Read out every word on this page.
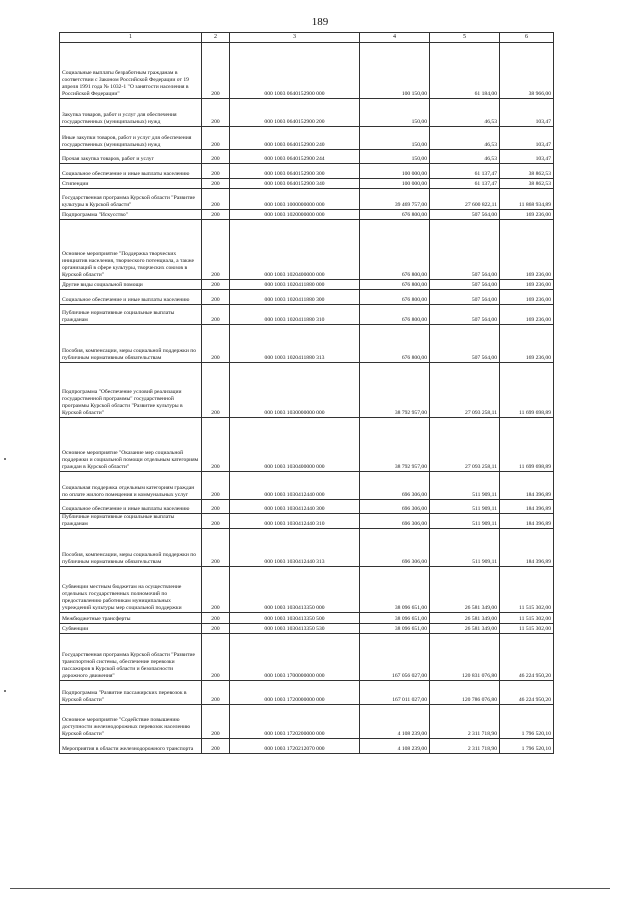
189
1	2	3	4	5	6
Социальные выплаты безработным гражданам в соответствии с Законом Российской Федерации от 19 апреля 1991 года № 1032-1 "О занятости населения в Российской Федерации"	200	000 1003 0640152900 000	100 150,00	61 184,00	38 966,00
Закупка товаров, работ и услуг для обеспечения государственных (муниципальных) нужд	200	000 1003 0640152900 200	150,00	46,53	103,47
Иные закупки товаров, работ и услуг для обеспечения государственных (муниципальных) нужд	200	000 1003 0640152900 240	150,00	46,53	103,47
Прочая закупка товаров, работ и услуг	200	000 1003 0640152900 244	150,00	46,53	103,47
Социальное обеспечение и иные выплаты населению	200	000 1003 0640152900 300	100 000,00	61 137,47	38 862,53
Стипендии	200	000 1003 0640152900 340	100 000,00	61 137,47	38 862,53
Государственная программа Курской области "Развитие культуры в Курской области"	200	000 1003 1000000000 000	39 469 757,00	27 600 822,11	11 868 934,89
Подпрограмма "Искусство"	200	000 1003 1020000000 000	676 800,00	507 564,00	169 236,00
Основное мероприятие "Поддержка творческих инициатив населения, творческого потенциала, а также организаций в сфере культуры, творческих союзов в Курской области"	200	000 1003 1020400000 000	676 800,00	507 564,00	169 236,00
Другие виды социальной помощи	200	000 1003 1020411880 000	676 800,00	507 564,00	169 236,00
Социальное обеспечение и иные выплаты населению	200	000 1003 1020411880 300	676 800,00	507 564,00	169 236,00
Публичные нормативные социальные выплаты гражданам	200	000 1003 1020411880 310	676 800,00	507 564,00	169 236,00
Пособия, компенсации, меры социальной поддержки по публичным нормативным обязательствам	200	000 1003 1020411880 313	676 800,00	507 564,00	169 236,00
Подпрограмма "Обеспечение условий реализации государственной программы" государственной программы Курской области "Развитие культуры в Курской области"	200	000 1003 1030000000 000	38 792 957,00	27 093 258,11	11 699 698,89
Основное мероприятие "Оказание мер социальной поддержки и социальной помощи отдельным категориям граждан в Курской области"	200	000 1003 1030400000 000	38 792 957,00	27 093 258,11	11 699 698,89
Социальная поддержка отдельным категориям граждан по оплате жилого помещения и коммунальных услуг	200	000 1003 1030412440 000	696 306,00	511 909,11	184 396,89
Социальное обеспечение и иные выплаты населению	200	000 1003 1030412440 300	696 306,00	511 909,11	184 396,89
Публичные нормативные социальные выплаты гражданам	200	000 1003 1030412440 310	696 306,00	511 909,11	184 396,89
Пособия, компенсации, меры социальной поддержки по публичным нормативным обязательствам	200	000 1003 1030412440 313	696 306,00	511 909,11	184 396,89
Субвенции местным бюджетам на осуществление отдельных государственных полномочий по предоставлению работникам муниципальных учреждений культуры мер социальной поддержки	200	000 1003 1030413350 000	38 096 651,00	26 581 349,00	11 515 302,00
Межбюджетные трансферты	200	000 1003 1030413350 500	38 096 651,00	26 581 349,00	11 515 302,00
Субвенции	200	000 1003 1030413350 530	38 096 651,00	26 581 349,00	11 515 302,00
Государственная программа Курской области "Развитие транспортной системы, обеспечение перевозки пассажиров в Курской области и безопасности дорожного движения"	200	000 1003 1700000000 000	167 056 027,00	120 831 076,80	46 224 950,20
Подпрограмма "Развитие пассажирских перевозок в Курской области"	200	000 1003 1720000000 000	167 011 027,00	120 786 076,80	46 224 950,20
Основное мероприятие "Содействие повышению доступности железнодорожных перевозок населению Курской области"	200	000 1003 1720200000 000	4 108 239,00	2 311 718,90	1 796 520,10
Мероприятия в области железнодорожного транспорта	200	000 1003 1720212070 000	4 108 239,00	2 311 718,90	1 796 520,10
